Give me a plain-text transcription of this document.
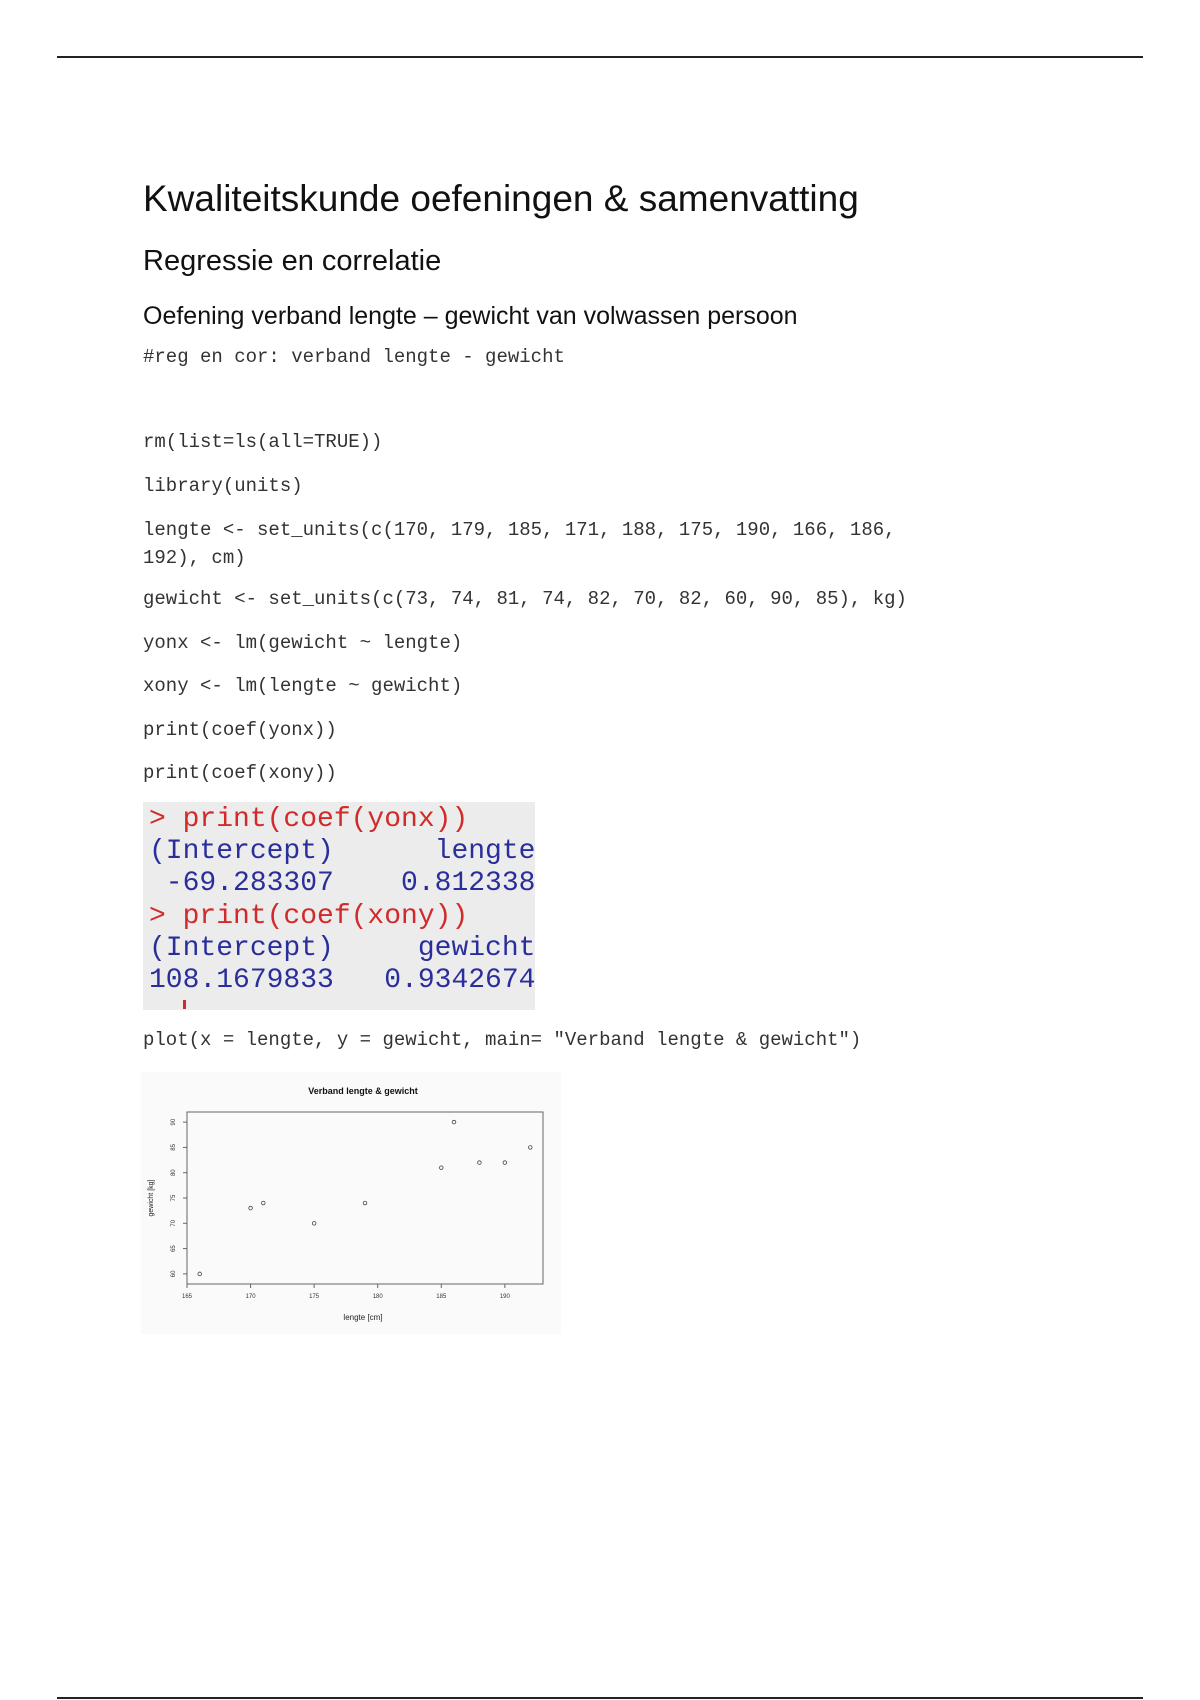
Kwaliteitskunde oefeningen & samenvatting
Regressie en correlatie
Oefening verband lengte – gewicht van volwassen persoon
#reg en cor: verband lengte - gewicht
rm(list=ls(all=TRUE))
library(units)
lengte <- set_units(c(170, 179, 185, 171, 188, 175, 190, 166, 186,
192), cm)
gewicht <- set_units(c(73, 74, 81, 74, 82, 70, 82, 60, 90, 85), kg)
yonx <- lm(gewicht ~ lengte)
xony <- lm(lengte ~ gewicht)
print(coef(yonx))
print(coef(xony))
> print(coef(yonx))
(Intercept)      lengte
-69.283307    0.812338
> print(coef(xony))
(Intercept)     gewicht
108.1679833   0.9342674
plot(x = lengte, y = gewicht, main= "Verband lengte & gewicht")
Verband lengte & gewicht
lengte [cm]
gewicht [kg]
165	170	175	180	185	190
60
65
70
75
80
85
90
